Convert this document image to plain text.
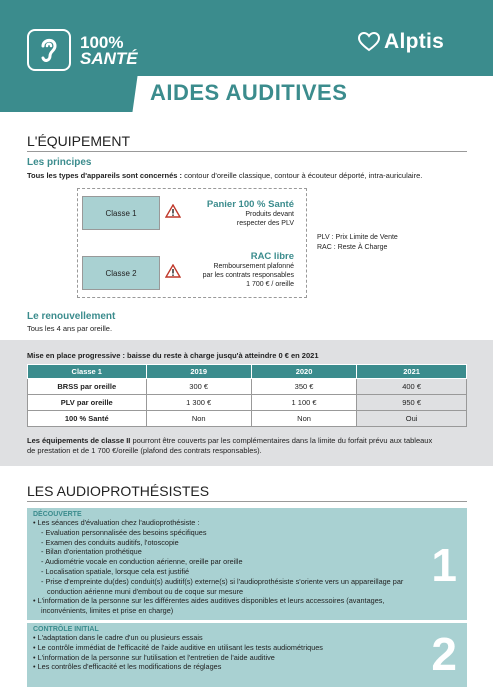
100%
SANTÉ
Alptis
AIDES AUDITIVES
L'ÉQUIPEMENT
Les principes
Tous les types d'appareils sont concernés : contour d'oreille classique, contour à écouteur déporté, intra-auriculaire.
Classe 1
Panier 100 % Santé
Produits devant
respecter des PLV
Classe 2
RAC libre
Remboursement plafonné
par les contrats responsables
1 700 € / oreille
PLV : Prix Limite de Vente
RAC : Reste À Charge
Le renouvellement
Tous les 4 ans par oreille.
Mise en place progressive : baisse du reste à charge jusqu'à atteindre 0 € en 2021
Classe 1	2019	2020	2021
BRSS par oreille	300 €	350 €	400 €
PLV par oreille	1 300 €	1 100 €	950 €
100 % Santé	Non	Non	Oui
Les équipements de classe II pourront être couverts par les complémentaires dans la limite du forfait prévu aux tableaux
de prestation et de 1 700 €/oreille (plafond des contrats responsables).
LES AUDIOPROTHÉSISTES
DÉCOUVERTE
• Les séances d'évaluation chez l'audioprothésiste :
- Evaluation personnalisée des besoins spécifiques
- Examen des conduits auditifs, l'otoscopie
- Bilan d'orientation prothétique
- Audiométrie vocale en conduction aérienne, oreille par oreille
- Localisation spatiale, lorsque cela est justifié
- Prise d'empreinte du(des) conduit(s) auditif(s) externe(s) si l'audioprothésiste s'oriente vers un appareillage par
conduction aérienne muni d'embout ou de coque sur mesure
• L'information de la personne sur les différentes aides auditives disponibles et leurs accessoires (avantages,
inconvénients, limites et prise en charge)
1
CONTRÔLE INITIAL
• L'adaptation dans le cadre d'un ou plusieurs essais
• Le contrôle immédiat de l'efficacité de l'aide auditive en utilisant les tests audiométriques
• L'information de la personne sur l'utilisation et l'entretien de l'aide auditive
• Les contrôles d'efficacité et les modifications de réglages	2
